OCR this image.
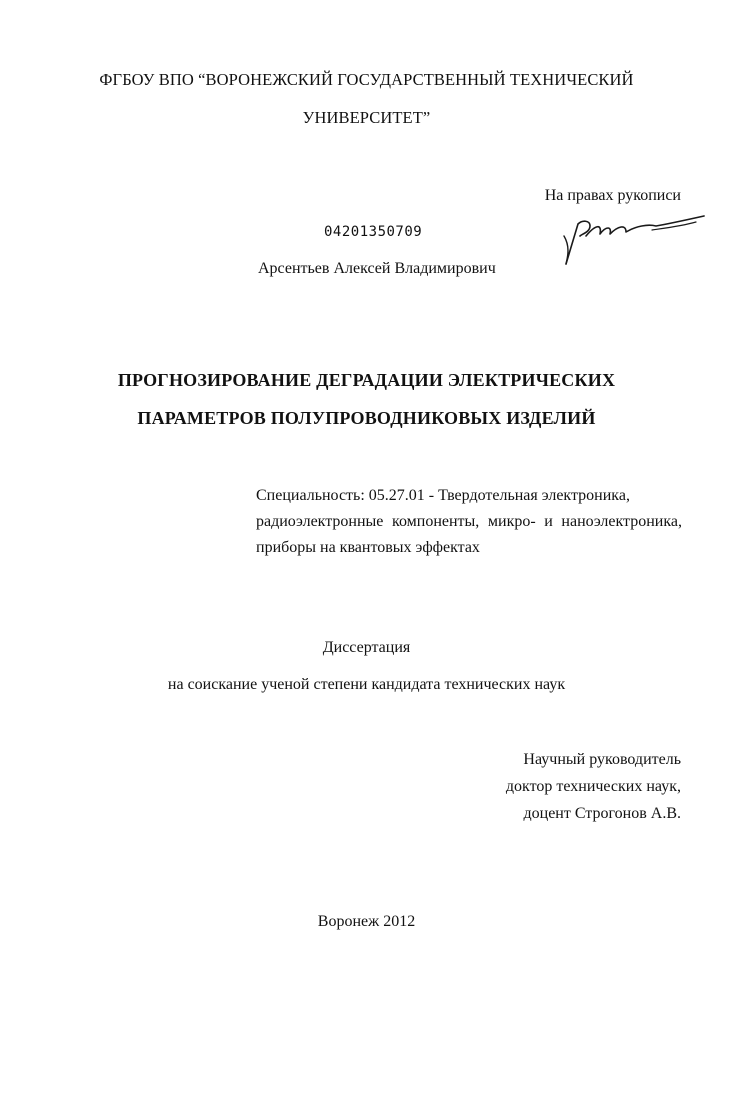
ФГБОУ ВПО “ВОРОНЕЖСКИЙ ГОСУДАРСТВЕННЫЙ ТЕХНИЧЕСКИЙ
УНИВЕРСИТЕТ”
На правах рукописи
04201350709
Арсентьев Алексей Владимирович
ПРОГНОЗИРОВАНИЕ ДЕГРАДАЦИИ ЭЛЕКТРИЧЕСКИХ
ПАРАМЕТРОВ ПОЛУПРОВОДНИКОВЫХ ИЗДЕЛИЙ
Специальность: 05.27.01 - Твердотельная электроника,
радиоэлектронные компоненты, микро- и наноэлектроника,
приборы на квантовых эффектах
Диссертация
на соискание ученой степени кандидата технических наук
Научный руководитель
доктор технических наук,
доцент Строгонов А.В.
Воронеж 2012
